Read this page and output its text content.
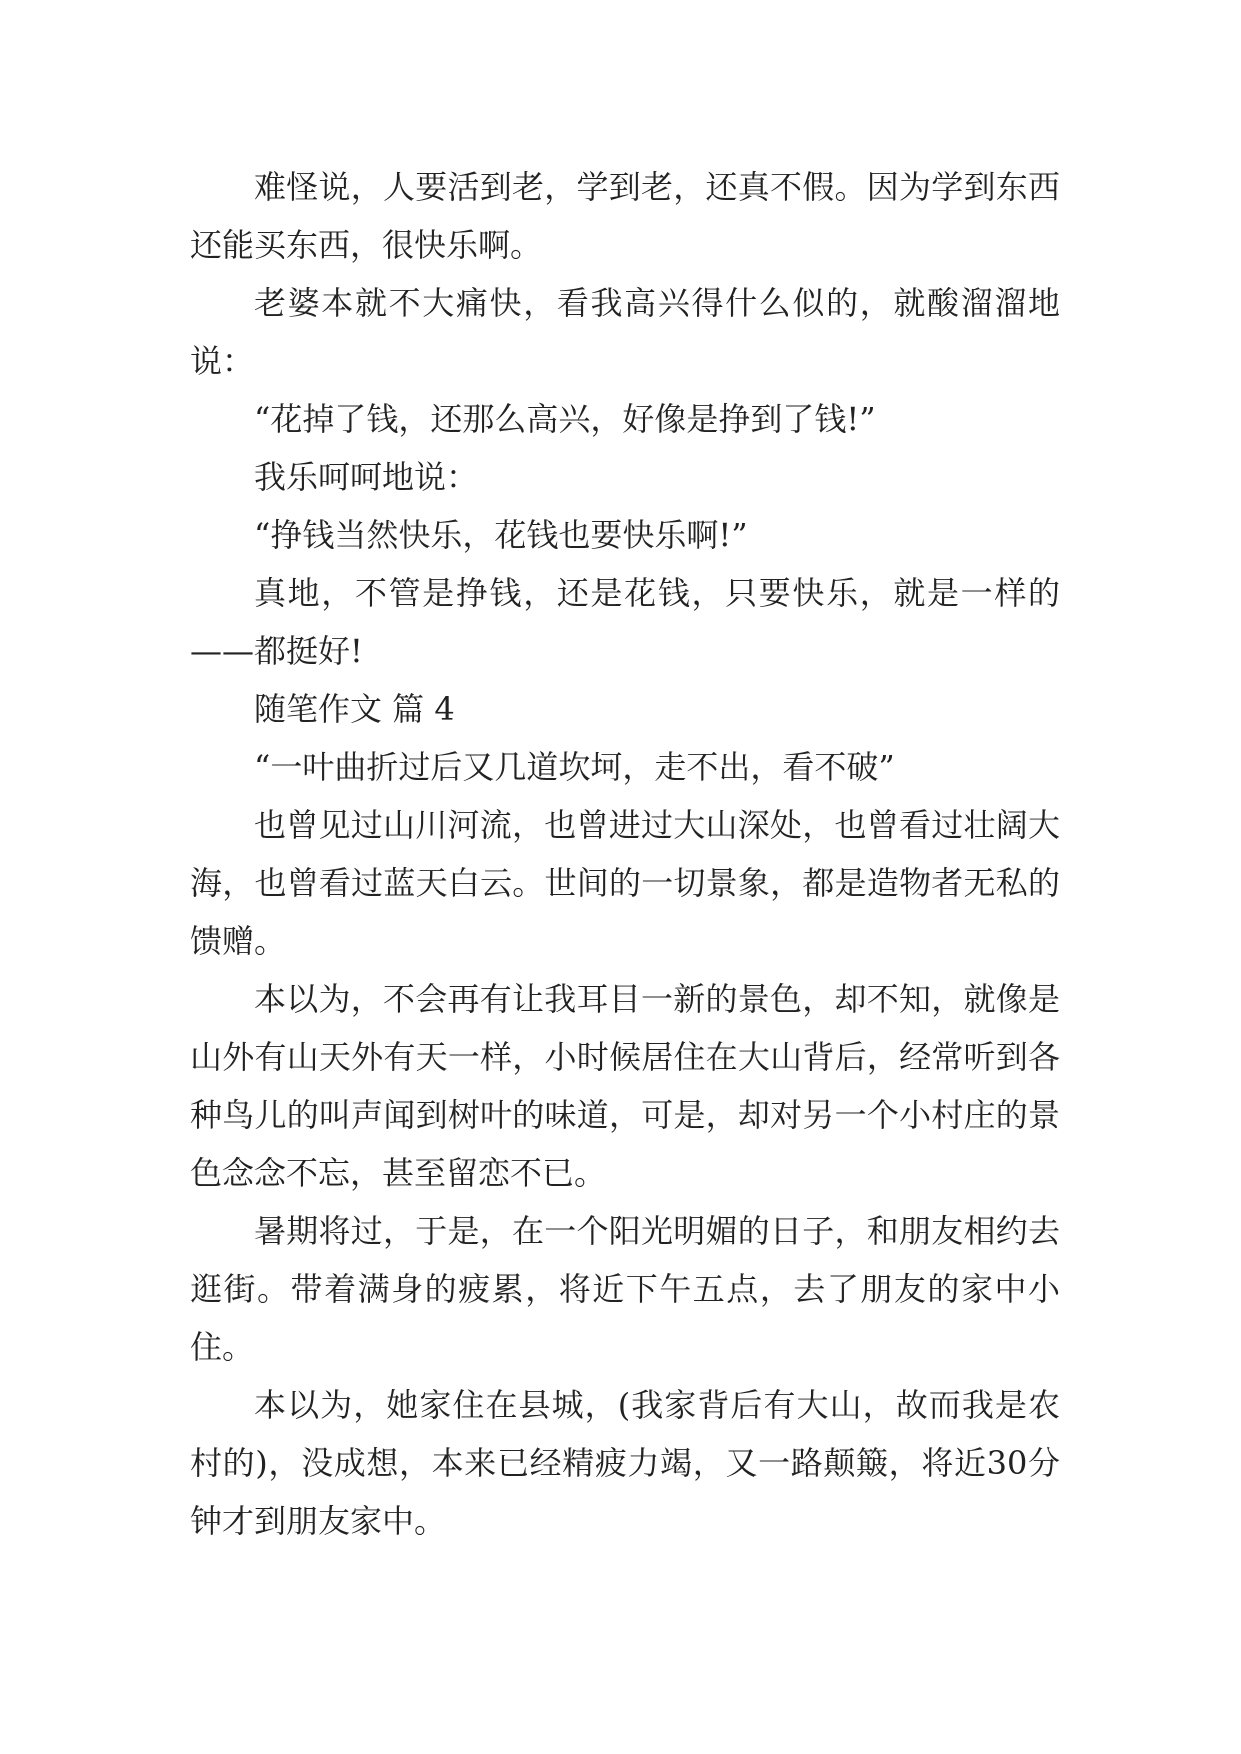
难怪说，人要活到老，学到老，还真不假。因为学到东西还能买东西，很快乐啊。

老婆本就不大痛快，看我高兴得什么似的，就酸溜溜地说：

“花掉了钱，还那么高兴，好像是挣到了钱!”

我乐呵呵地说：

“挣钱当然快乐，花钱也要快乐啊!”

真地，不管是挣钱，还是花钱，只要快乐，就是一样的——都挺好!

随笔作文 篇 4

“一叶曲折过后又几道坎坷，走不出，看不破”

也曾见过山川河流，也曾进过大山深处，也曾看过壮阔大海，也曾看过蓝天白云。世间的一切景象，都是造物者无私的馈赠。

本以为，不会再有让我耳目一新的景色，却不知，就像是山外有山天外有天一样，小时候居住在大山背后，经常听到各种鸟儿的叫声闻到树叶的味道，可是，却对另一个小村庄的景色念念不忘，甚至留恋不已。

暑期将过，于是，在一个阳光明媚的日子，和朋友相约去逛街。带着满身的疲累，将近下午五点，去了朋友的家中小住。

本以为，她家住在县城，(我家背后有大山，故而我是农村的)，没成想，本来已经精疲力竭，又一路颠簸，将近30分钟才到朋友家中。
